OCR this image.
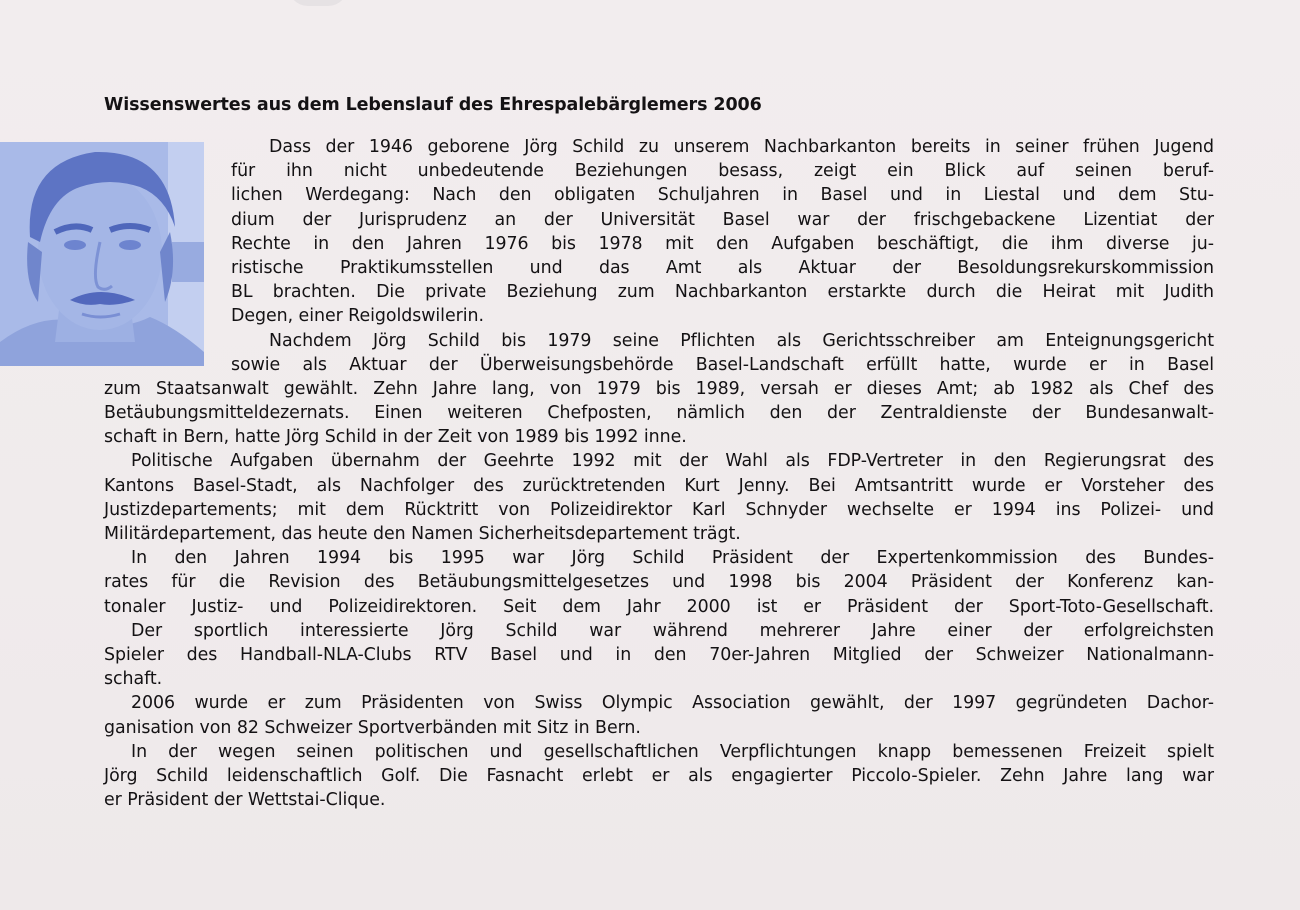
Wissenswertes aus dem Lebenslauf des Ehrespalebärglemers 2006
Dass der 1946 geborene Jörg Schild zu unserem Nachbarkanton bereits in seiner frühen Jugend
für ihn nicht unbedeutende Beziehungen besass, zeigt ein Blick auf seinen beruf-
lichen Werdegang: Nach den obligaten Schuljahren in Basel und in Liestal und dem Stu-
dium der Jurisprudenz an der Universität Basel war der frischgebackene Lizentiat der
Rechte in den Jahren 1976 bis 1978 mit den Aufgaben beschäftigt, die ihm diverse ju-
ristische Praktikumsstellen und das Amt als Aktuar der Besoldungsrekurskommission
BL brachten. Die private Beziehung zum Nachbarkanton erstarkte durch die Heirat mit Judith
Degen, einer Reigoldswilerin.
Nachdem Jörg Schild bis 1979 seine Pflichten als Gerichtsschreiber am Enteignungsgericht
sowie als Aktuar der Überweisungsbehörde Basel-Landschaft erfüllt hatte, wurde er in Basel
zum Staatsanwalt gewählt. Zehn Jahre lang, von 1979 bis 1989, versah er dieses Amt; ab 1982 als Chef des
Betäubungsmitteldezernats. Einen weiteren Chefposten, nämlich den der Zentraldienste der Bundesanwalt-
schaft in Bern, hatte Jörg Schild in der Zeit von 1989 bis 1992 inne.
Politische Aufgaben übernahm der Geehrte 1992 mit der Wahl als FDP-Vertreter in den Regierungsrat des
Kantons Basel-Stadt, als Nachfolger des zurücktretenden Kurt Jenny. Bei Amtsantritt wurde er Vorsteher des
Justizdepartements; mit dem Rücktritt von Polizeidirektor Karl Schnyder wechselte er 1994 ins Polizei- und
Militärdepartement, das heute den Namen Sicherheitsdepartement trägt.
In den Jahren 1994 bis 1995 war Jörg Schild Präsident der Expertenkommission des Bundes-
rates für die Revision des Betäubungsmittelgesetzes und 1998 bis 2004 Präsident der Konferenz kan-
tonaler Justiz- und Polizeidirektoren. Seit dem Jahr 2000 ist er Präsident der Sport-Toto-Gesellschaft.
Der sportlich interessierte Jörg Schild war während mehrerer Jahre einer der erfolgreichsten
Spieler des Handball-NLA-Clubs RTV Basel und in den 70er-Jahren Mitglied der Schweizer Nationalmann-
schaft.
2006 wurde er zum Präsidenten von Swiss Olympic Association gewählt, der 1997 gegründeten Dachor-
ganisation von 82 Schweizer Sportverbänden mit Sitz in Bern.
In der wegen seinen politischen und gesellschaftlichen Verpflichtungen knapp bemessenen Freizeit spielt
Jörg Schild leidenschaftlich Golf. Die Fasnacht erlebt er als engagierter Piccolo-Spieler. Zehn Jahre lang war
er Präsident der Wettstai-Clique.
